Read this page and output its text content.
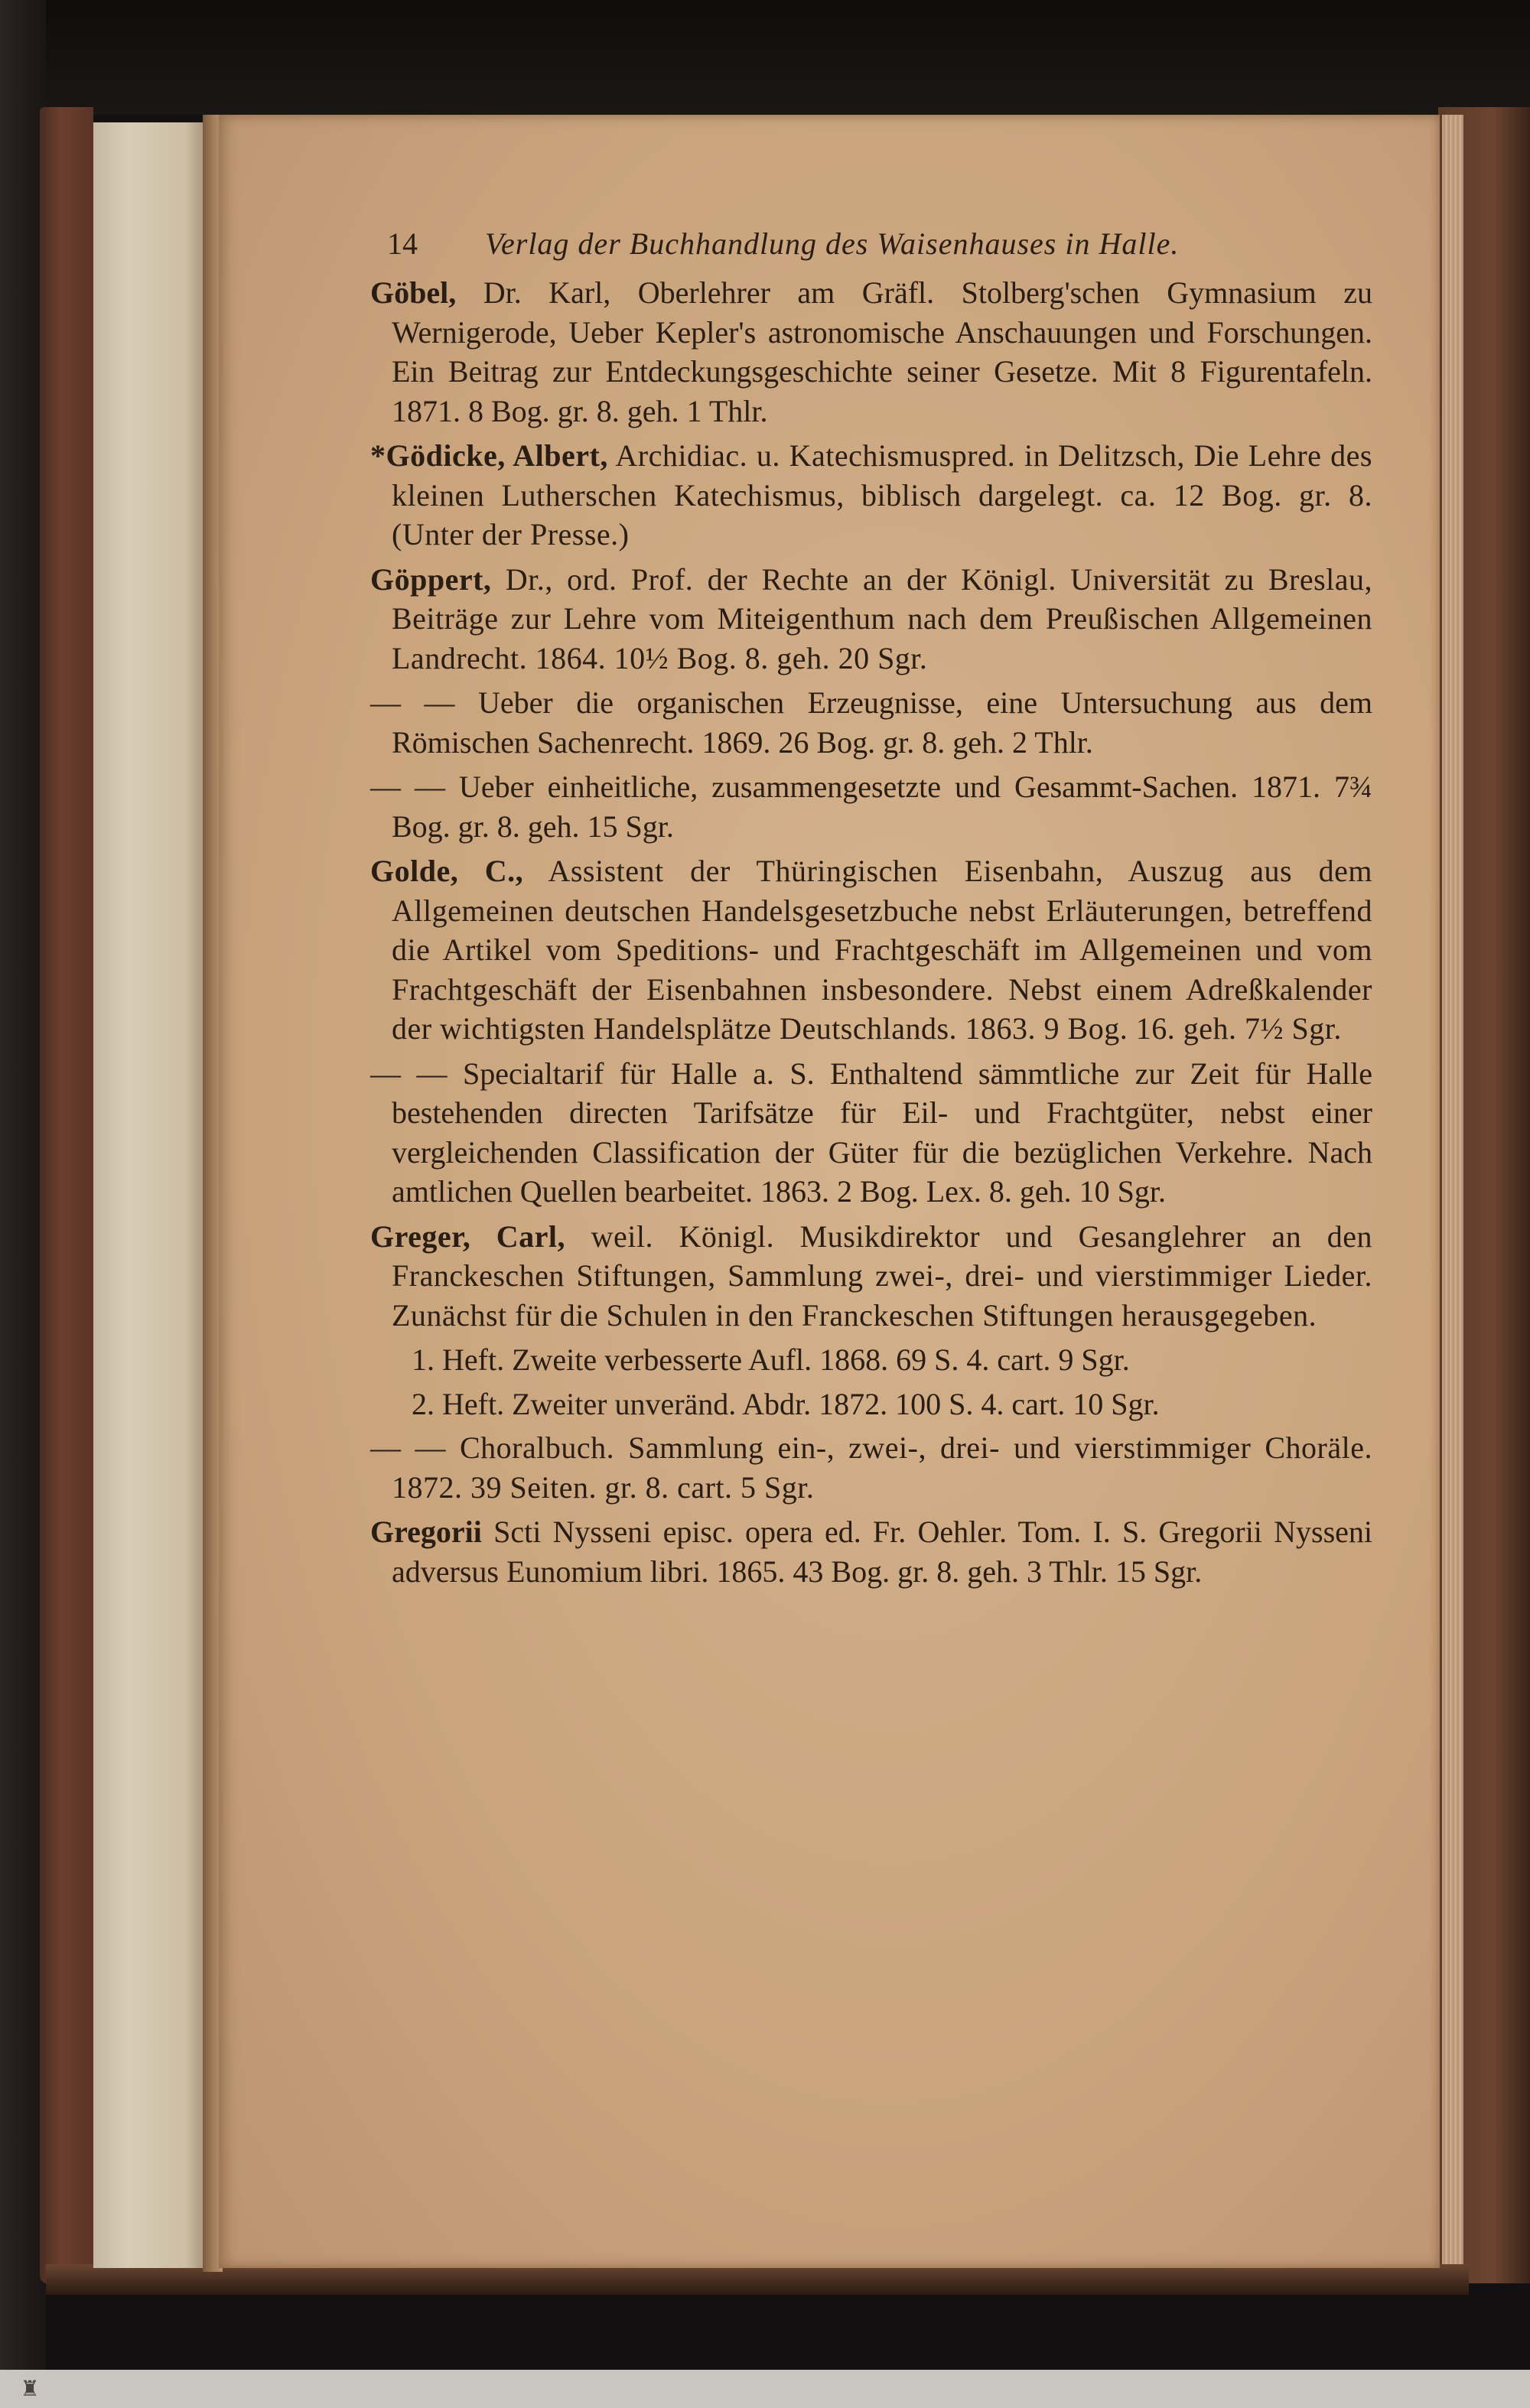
14	Verlag der Buchhandlung des Waisenhauses in Halle.
Göbel, Dr. Karl, Oberlehrer am Gräfl. Stolberg'schen Gymnasium zu Wernigerode, Ueber Kepler's astronomische Anschauungen und Forschungen. Ein Beitrag zur Entdeckungsgeschichte seiner Gesetze. Mit 8 Figurentafeln. 1871. 8 Bog. gr. 8. geh. 1 Thlr.
*Gödicke, Albert, Archidiac. u. Katechismuspred. in Delitzsch, Die Lehre des kleinen Lutherschen Katechismus, biblisch dargelegt. ca. 12 Bog. gr. 8. (Unter der Presse.)
Göppert, Dr., ord. Prof. der Rechte an der Königl. Universität zu Breslau, Beiträge zur Lehre vom Miteigenthum nach dem Preußischen Allgemeinen Landrecht. 1864. 10½ Bog. 8. geh. 20 Sgr.
— — Ueber die organischen Erzeugnisse, eine Untersuchung aus dem Römischen Sachenrecht. 1869. 26 Bog. gr. 8. geh. 2 Thlr.
— — Ueber einheitliche, zusammengesetzte und Gesammt-Sachen. 1871. 7¾ Bog. gr. 8. geh. 15 Sgr.
Golde, C., Assistent der Thüringischen Eisenbahn, Auszug aus dem Allgemeinen deutschen Handelsgesetzbuche nebst Erläuterungen, betreffend die Artikel vom Speditions- und Frachtgeschäft im Allgemeinen und vom Frachtgeschäft der Eisenbahnen insbesondere. Nebst einem Adreßkalender der wichtigsten Handelsplätze Deutschlands. 1863. 9 Bog. 16. geh. 7½ Sgr.
— — Specialtarif für Halle a. S. Enthaltend sämmtliche zur Zeit für Halle bestehenden directen Tarifsätze für Eil- und Frachtgüter, nebst einer vergleichenden Classification der Güter für die bezüglichen Verkehre. Nach amtlichen Quellen bearbeitet. 1863. 2 Bog. Lex. 8. geh. 10 Sgr.
Greger, Carl, weil. Königl. Musikdirektor und Gesanglehrer an den Franckeschen Stiftungen, Sammlung zwei-, drei- und vierstimmiger Lieder. Zunächst für die Schulen in den Franckeschen Stiftungen herausgegeben.
1. Heft. Zweite verbesserte Aufl. 1868. 69 S. 4. cart. 9 Sgr.
2. Heft. Zweiter unveränd. Abdr. 1872. 100 S. 4. cart. 10 Sgr.
— — Choralbuch. Sammlung ein-, zwei-, drei- und vierstimmiger Choräle. 1872. 39 Seiten. gr. 8. cart. 5 Sgr.
Gregorii Scti Nysseni episc. opera ed. Fr. Oehler. Tom. I. S. Gregorii Nysseni adversus Eunomium libri. 1865. 43 Bog. gr. 8. geh. 3 Thlr. 15 Sgr.
♜
